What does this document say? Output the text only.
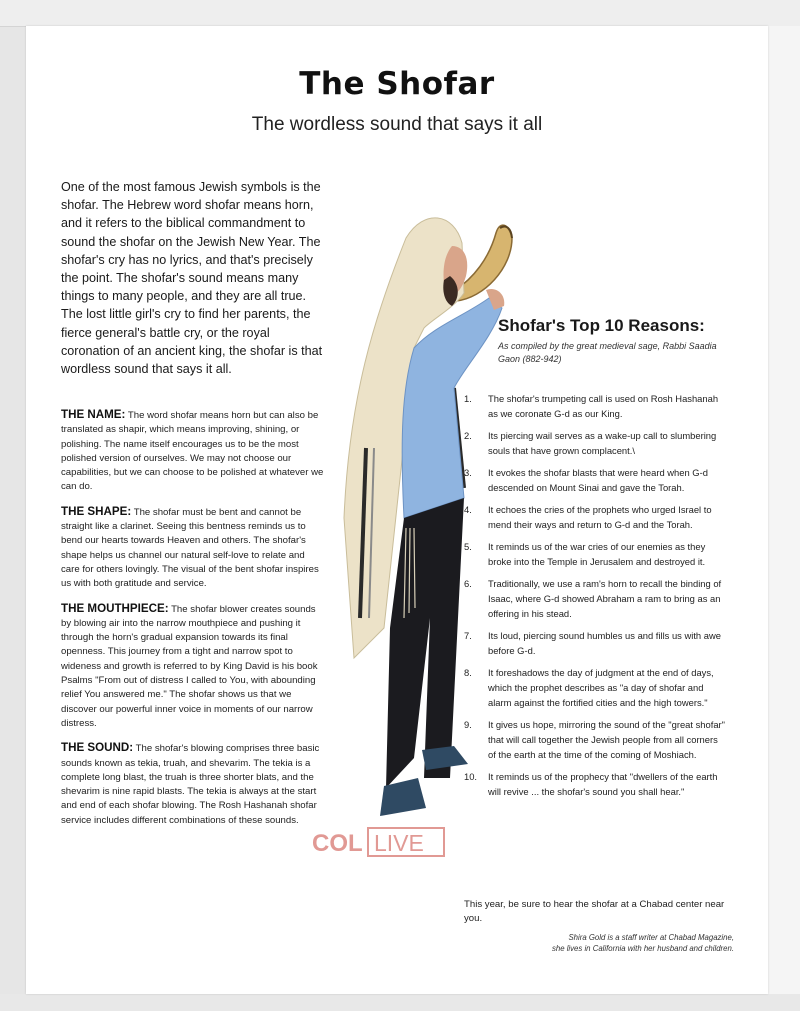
The Shofar
The wordless sound that says it all
One of the most famous Jewish symbols is the shofar. The Hebrew word shofar means horn, and it refers to the biblical commandment to sound the shofar on the Jewish New Year. The shofar's cry has no lyrics, and that's precisely the point. The shofar's sound means many things to many people, and they are all true. The lost little girl's cry to find her parents, the fierce general's battle cry, or the royal coronation of an ancient king, the shofar is that wordless sound that says it all.

THE NAME: The word shofar means horn but can also be translated as shapir, which means improving, shining, or polishing. The name itself encourages us to be the most polished version of ourselves. We may not choose our capabilities, but we can choose to be polished at whatever we can do.

THE SHAPE: The shofar must be bent and cannot be straight like a clarinet. Seeing this bentness reminds us to bend our hearts towards Heaven and others. The shofar's shape helps us channel our natural self-love to relate and care for others lovingly. The visual of the bent shofar inspires us with both gratitude and service.

THE MOUTHPIECE: The shofar blower creates sounds by blowing air into the narrow mouthpiece and pushing it through the horn's gradual expansion towards its final openness. This journey from a tight and narrow spot to wideness and growth is referred to by King David is his book Psalms "From out of distress I called to You, with abounding relief You answered me." The shofar shows us that we discover our powerful inner voice in moments of our narrow distress.

THE SOUND: The shofar's blowing comprises three basic sounds known as tekia, truah, and shevarim. The tekia is a complete long blast, the truah is three shorter blats, and the shevarim is nine rapid blasts. The tekia is always at the start and end of each shofar blowing. The Rosh Hashanah shofar service includes different combinations of these sounds.

Shofar's Top 10 Reasons:
As compiled by the great medieval sage, Rabbi Saadia Gaon (882-942)
1.	The shofar's trumpeting call is used on Rosh Hashanah as we coronate G-d as our King.
2.	Its piercing wail serves as a wake-up call to slumbering souls that have grown complacent.\
3.	It evokes the shofar blasts that were heard when G-d descended on Mount Sinai and gave the Torah.
4.	It echoes the cries of the prophets who urged Israel to mend their ways and return to G-d and the Torah.
5.	It reminds us of the war cries of our enemies as they broke into the Temple in Jerusalem and destroyed it.
6.	Traditionally, we use a ram's horn to recall the binding of Isaac, where G-d showed Abraham a ram to bring as an offering in his stead.
7.	Its loud, piercing sound humbles us and fills us with awe before G-d.
8.	It foreshadows the day of judgment at the end of days, which the prophet describes as "a day of shofar and alarm against the fortified cities and the high towers."
9.	It gives us hope, mirroring the sound of the "great shofar" that will call together the Jewish people from all corners of the earth at the time of the coming of Moshiach.
10.	It reminds us of the prophecy that "dwellers of the earth will revive ... the shofar's sound you shall hear."
This year, be sure to hear the shofar at a Chabad center near you.
Shira Gold is a staff writer at Chabad Magazine,
she lives in California with her husband and children.
COL LIVE
